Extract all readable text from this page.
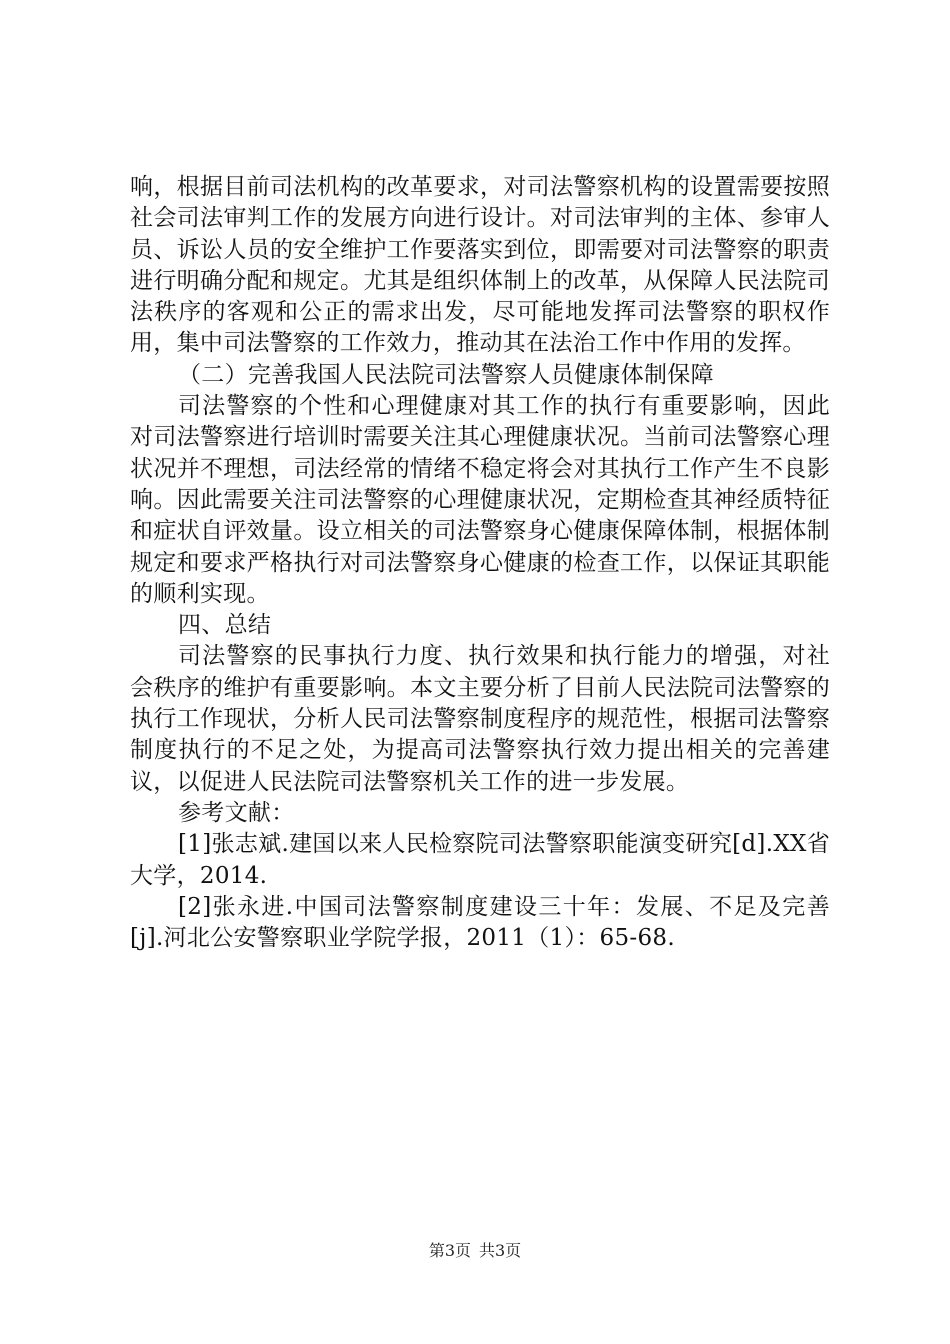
响，根据目前司法机构的改革要求，对司法警察机构的设置需要按照社会司法审判工作的发展方向进行设计。对司法审判的主体、参审人员、诉讼人员的安全维护工作要落实到位，即需要对司法警察的职责进行明确分配和规定。尤其是组织体制上的改革，从保障人民法院司法秩序的客观和公正的需求出发，尽可能地发挥司法警察的职权作用，集中司法警察的工作效力，推动其在法治工作中作用的发挥。

（二）完善我国人民法院司法警察人员健康体制保障

司法警察的个性和心理健康对其工作的执行有重要影响，因此对司法警察进行培训时需要关注其心理健康状况。当前司法警察心理状况并不理想，司法经常的情绪不稳定将会对其执行工作产生不良影响。因此需要关注司法警察的心理健康状况，定期检查其神经质特征和症状自评效量。设立相关的司法警察身心健康保障体制，根据体制规定和要求严格执行对司法警察身心健康的检查工作，以保证其职能的顺利实现。

四、总结

司法警察的民事执行力度、执行效果和执行能力的增强，对社会秩序的维护有重要影响。本文主要分析了目前人民法院司法警察的执行工作现状，分析人民司法警察制度程序的规范性，根据司法警察制度执行的不足之处，为提高司法警察执行效力提出相关的完善建议，以促进人民法院司法警察机关工作的进一步发展。

参考文献：

[1]张志斌.建国以来人民检察院司法警察职能演变研究[d].XX省大学，2014.

[2]张永进.中国司法警察制度建设三十年：发展、不足及完善[j].河北公安警察职业学院学报，2011（1）：65-68.

第3页 共3页
